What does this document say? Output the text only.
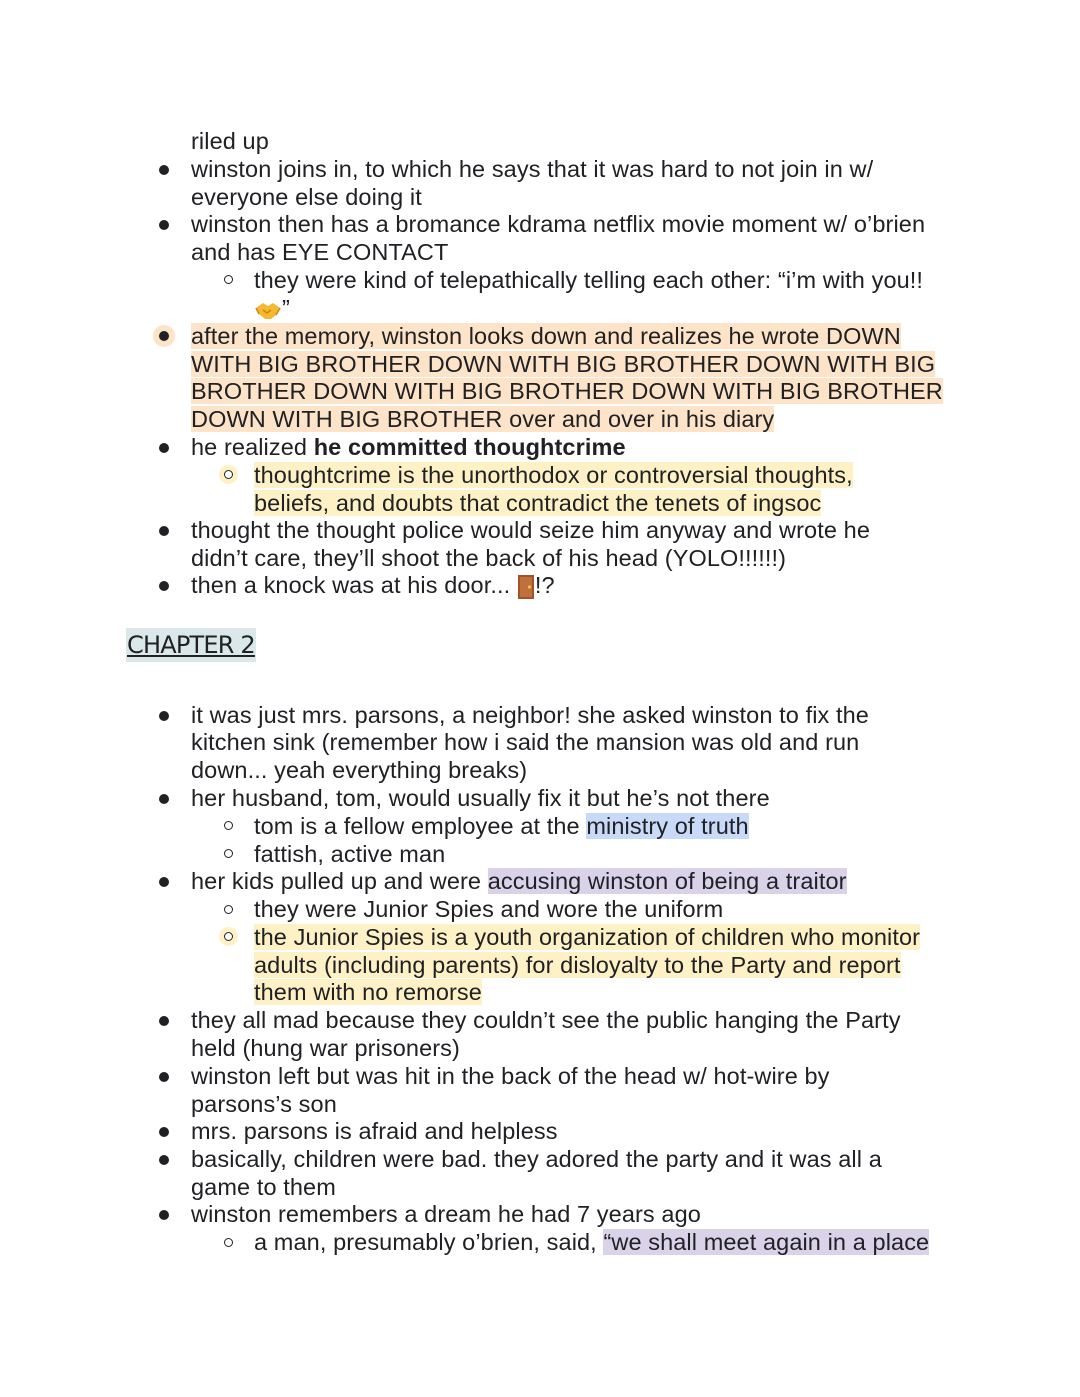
riled up

winston joins in, to which he says that it was hard to not join in w/

everyone else doing it

winston then has a bromance kdrama netflix movie moment w/ o’brien

and has EYE CONTACT

they were kind of telepathically telling each other: “i’m with you!!

”

after the memory, winston looks down and realizes he wrote DOWN

WITH BIG BROTHER DOWN WITH BIG BROTHER DOWN WITH BIG

BROTHER DOWN WITH BIG BROTHER DOWN WITH BIG BROTHER

DOWN WITH BIG BROTHER over and over in his diary

he realized he committed thoughtcrime

thoughtcrime is the unorthodox or controversial thoughts,

beliefs, and doubts that contradict the tenets of ingsoc

thought the thought police would seize him anyway and wrote he

didn’t care, they’ll shoot the back of his head (YOLO!!!!!!)

then a knock was at his door... !?

CHAPTER 2

it was just mrs. parsons, a neighbor! she asked winston to fix the

kitchen sink (remember how i said the mansion was old and run

down... yeah everything breaks)

her husband, tom, would usually fix it but he’s not there

tom is a fellow employee at the ministry of truth

fattish, active man

her kids pulled up and were accusing winston of being a traitor

they were Junior Spies and wore the uniform

the Junior Spies is a youth organization of children who monitor

adults (including parents) for disloyalty to the Party and report

them with no remorse

they all mad because they couldn’t see the public hanging the Party

held (hung war prisoners)

winston left but was hit in the back of the head w/ hot-wire by

parsons’s son

mrs. parsons is afraid and helpless

basically, children were bad. they adored the party and it was all a

game to them

winston remembers a dream he had 7 years ago

a man, presumably o’brien, said, “we shall meet again in a place
